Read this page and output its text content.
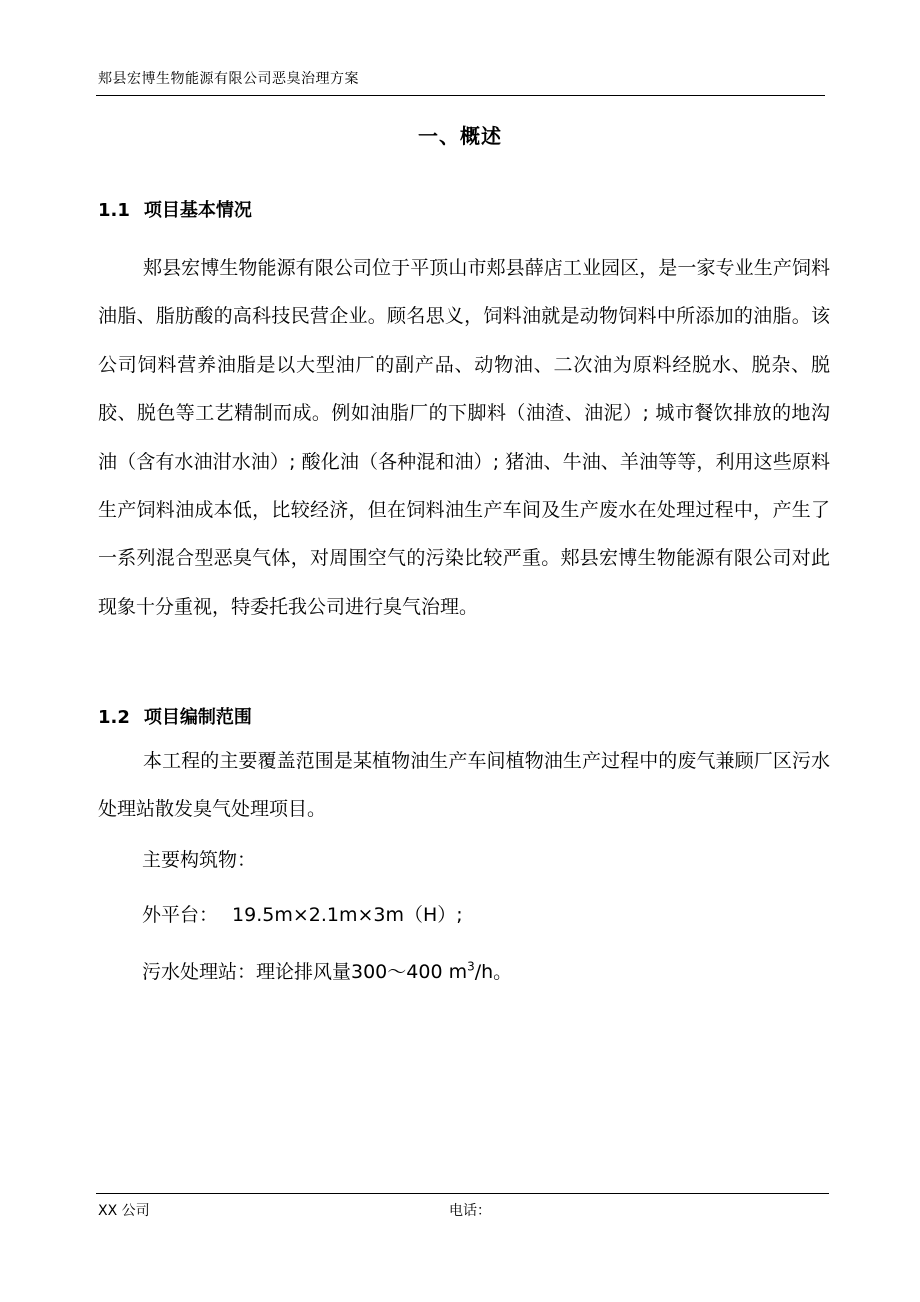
郏县宏博生物能源有限公司恶臭治理方案
一、概述
1.1 项目基本情况

郏县宏博生物能源有限公司位于平顶山市郏县薛店工业园区，是一家专业生产饲料油脂、脂肪酸的高科技民营企业。顾名思义，饲料油就是动物饲料中所添加的油脂。该公司饲料营养油脂是以大型油厂的副产品、动物油、二次油为原料经脱水、脱杂、脱胶、脱色等工艺精制而成。例如油脂厂的下脚料（油渣、油泥）; 城市餐饮排放的地沟油（含有水油泔水油）; 酸化油（各种混和油）; 猪油、牛油、羊油等等，利用这些原料生产饲料油成本低，比较经济，但在饲料油生产车间及生产废水在处理过程中，产生了一系列混合型恶臭气体，对周围空气的污染比较严重。郏县宏博生物能源有限公司对此现象十分重视，特委托我公司进行臭气治理。

1.2 项目编制范围

本工程的主要覆盖范围是某植物油生产车间植物油生产过程中的废气兼顾厂区污水处理站散发臭气处理项目。

主要构筑物：
外平台： 19.5m×2.1m×3m（H）;
污水处理站：理论排风量300～400 $m^3/h$。
XX 公司	电话：
